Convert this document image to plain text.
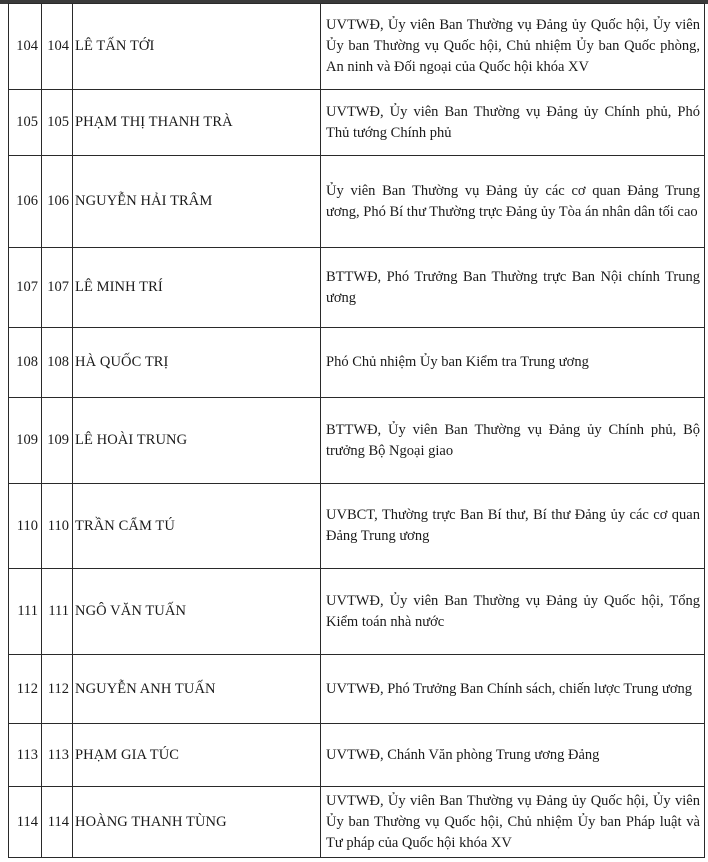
104	104	LÊ TẤN TỚI	UVTWĐ, Ủy viên Ban Thường vụ Đảng ủy Quốc hội, Ủy viên Ủy ban Thường vụ Quốc hội, Chủ nhiệm Ủy ban Quốc phòng, An ninh và Đối ngoại của Quốc hội khóa XV
105	105	PHẠM THỊ THANH TRÀ	UVTWĐ, Ủy viên Ban Thường vụ Đảng ủy Chính phủ, Phó Thủ tướng Chính phủ
106	106	NGUYỄN HẢI TRÂM	Ủy viên Ban Thường vụ Đảng ủy các cơ quan Đảng Trung ương, Phó Bí thư Thường trực Đảng ủy Tòa án nhân dân tối cao
107	107	LÊ MINH TRÍ	BTTWĐ, Phó Trưởng Ban Thường trực Ban Nội chính Trung ương
108	108	HÀ QUỐC TRỊ	Phó Chủ nhiệm Ủy ban Kiểm tra Trung ương
109	109	LÊ HOÀI TRUNG	BTTWĐ, Ủy viên Ban Thường vụ Đảng ủy Chính phủ, Bộ trưởng Bộ Ngoại giao
110	110	TRẦN CẨM TÚ	UVBCT, Thường trực Ban Bí thư, Bí thư Đảng ủy các cơ quan Đảng Trung ương
111	111	NGÔ VĂN TUẤN	UVTWĐ, Ủy viên Ban Thường vụ Đảng ủy Quốc hội, Tổng Kiểm toán nhà nước
112	112	NGUYỄN ANH TUẤN	UVTWĐ, Phó Trưởng Ban Chính sách, chiến lược Trung ương
113	113	PHẠM GIA TÚC	UVTWĐ, Chánh Văn phòng Trung ương Đảng
114	114	HOÀNG THANH TÙNG	UVTWĐ, Ủy viên Ban Thường vụ Đảng ủy Quốc hội, Ủy viên Ủy ban Thường vụ Quốc hội, Chủ nhiệm Ủy ban Pháp luật và Tư pháp của Quốc hội khóa XV
